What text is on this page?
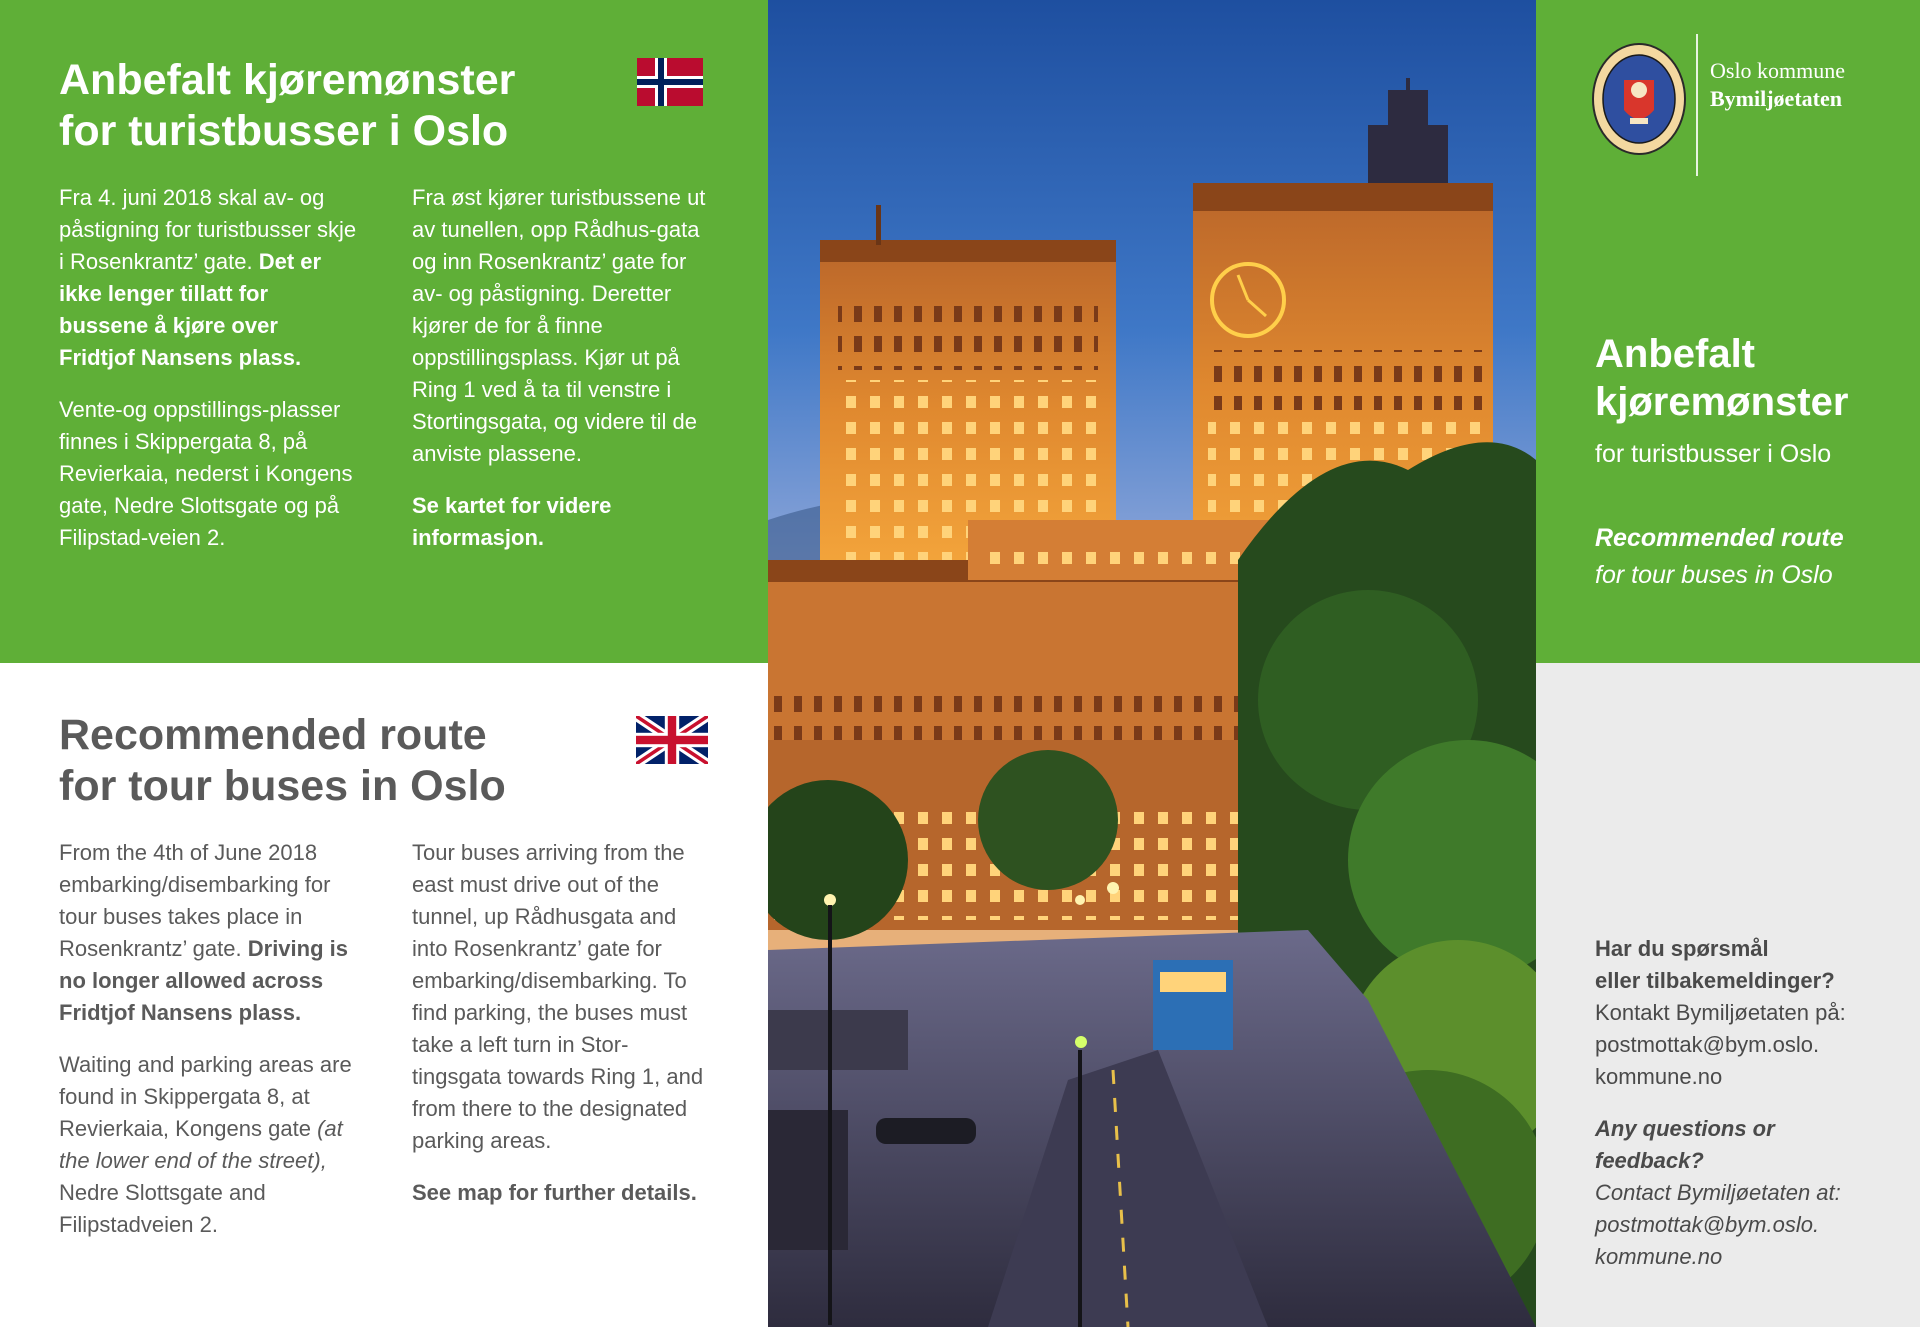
Anbefalt kjøremønster
for turistbusser i Oslo

Fra 4. juni 2018 skal av- og påstigning for turistbusser skje i Rosenkrantz’ gate. Det er ikke lenger tillatt for bussene å kjøre over Fridtjof Nansens plass.

Vente-og oppstillings-plasser finnes i Skippergata 8, på Revierkaia, nederst i Kongens gate, Nedre Slottsgate og på Filipstad-veien 2.

Fra øst kjører turistbussene ut av tunellen, opp Rådhus-gata og inn Rosenkrantz’ gate for av- og påstigning. Deretter kjører de for å finne oppstillingsplass. Kjør ut på Ring 1 ved å ta til venstre i Stortingsgata, og videre til de anviste plassene.

Se kartet for videre informasjon.

Recommended route
for tour buses in Oslo

From the 4th of June 2018 embarking/disembarking for tour buses takes place in Rosenkrantz’ gate. Driving is no longer allowed across Fridtjof Nansens plass.

Waiting and parking areas are found in Skippergata 8, at Revierkaia, Kongens gate (at the lower end of the street), Nedre Slottsgate and Filipstadveien 2.

Tour buses arriving from the east must drive out of the tunnel, up Rådhusgata and into Rosenkrantz’ gate for embarking/disembarking. To find parking, the buses must take a left turn in Stor-tingsgata towards Ring 1, and from there to the designated parking areas.

See map for further details.

Oslo kommune
Bymiljøetaten
Anbefalt
kjøremønster
for turistbusser i Oslo
Recommended route
for tour buses in Oslo
Har du spørsmål
eller tilbakemeldinger?
Kontakt Bymiljøetaten på:
postmottak@bym.oslo.
kommune.no
Any questions or
feedback?
Contact Bymiljøetaten at:
postmottak@bym.oslo.
kommune.no
